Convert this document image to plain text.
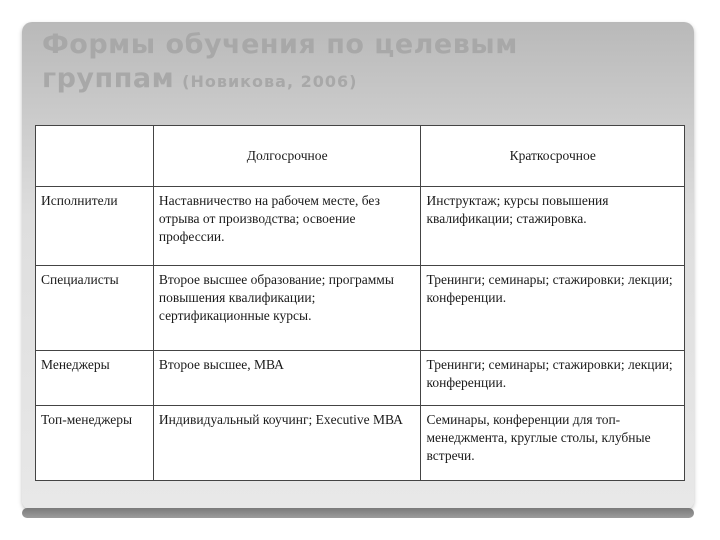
Формы обучения по целевым
группам (Новикова, 2006)
	Долгосрочное	Краткосрочное
Исполнители	Наставничество на рабочем месте, без отрыва от производства; освоение профессии.	Инструктаж; курсы повышения квалификации; стажировка.
Специалисты	Второе высшее образование; программы повышения квалификации; сертификационные курсы.	Тренинги; семинары; стажировки; лекции; конференции.
Менеджеры	Второе высшее, МВА	Тренинги; семинары; стажировки; лекции; конференции.
Топ-менеджеры	Индивидуальный коучинг; Executive МВА	Семинары, конференции для топ-менеджмента, круглые столы, клубные встречи.
